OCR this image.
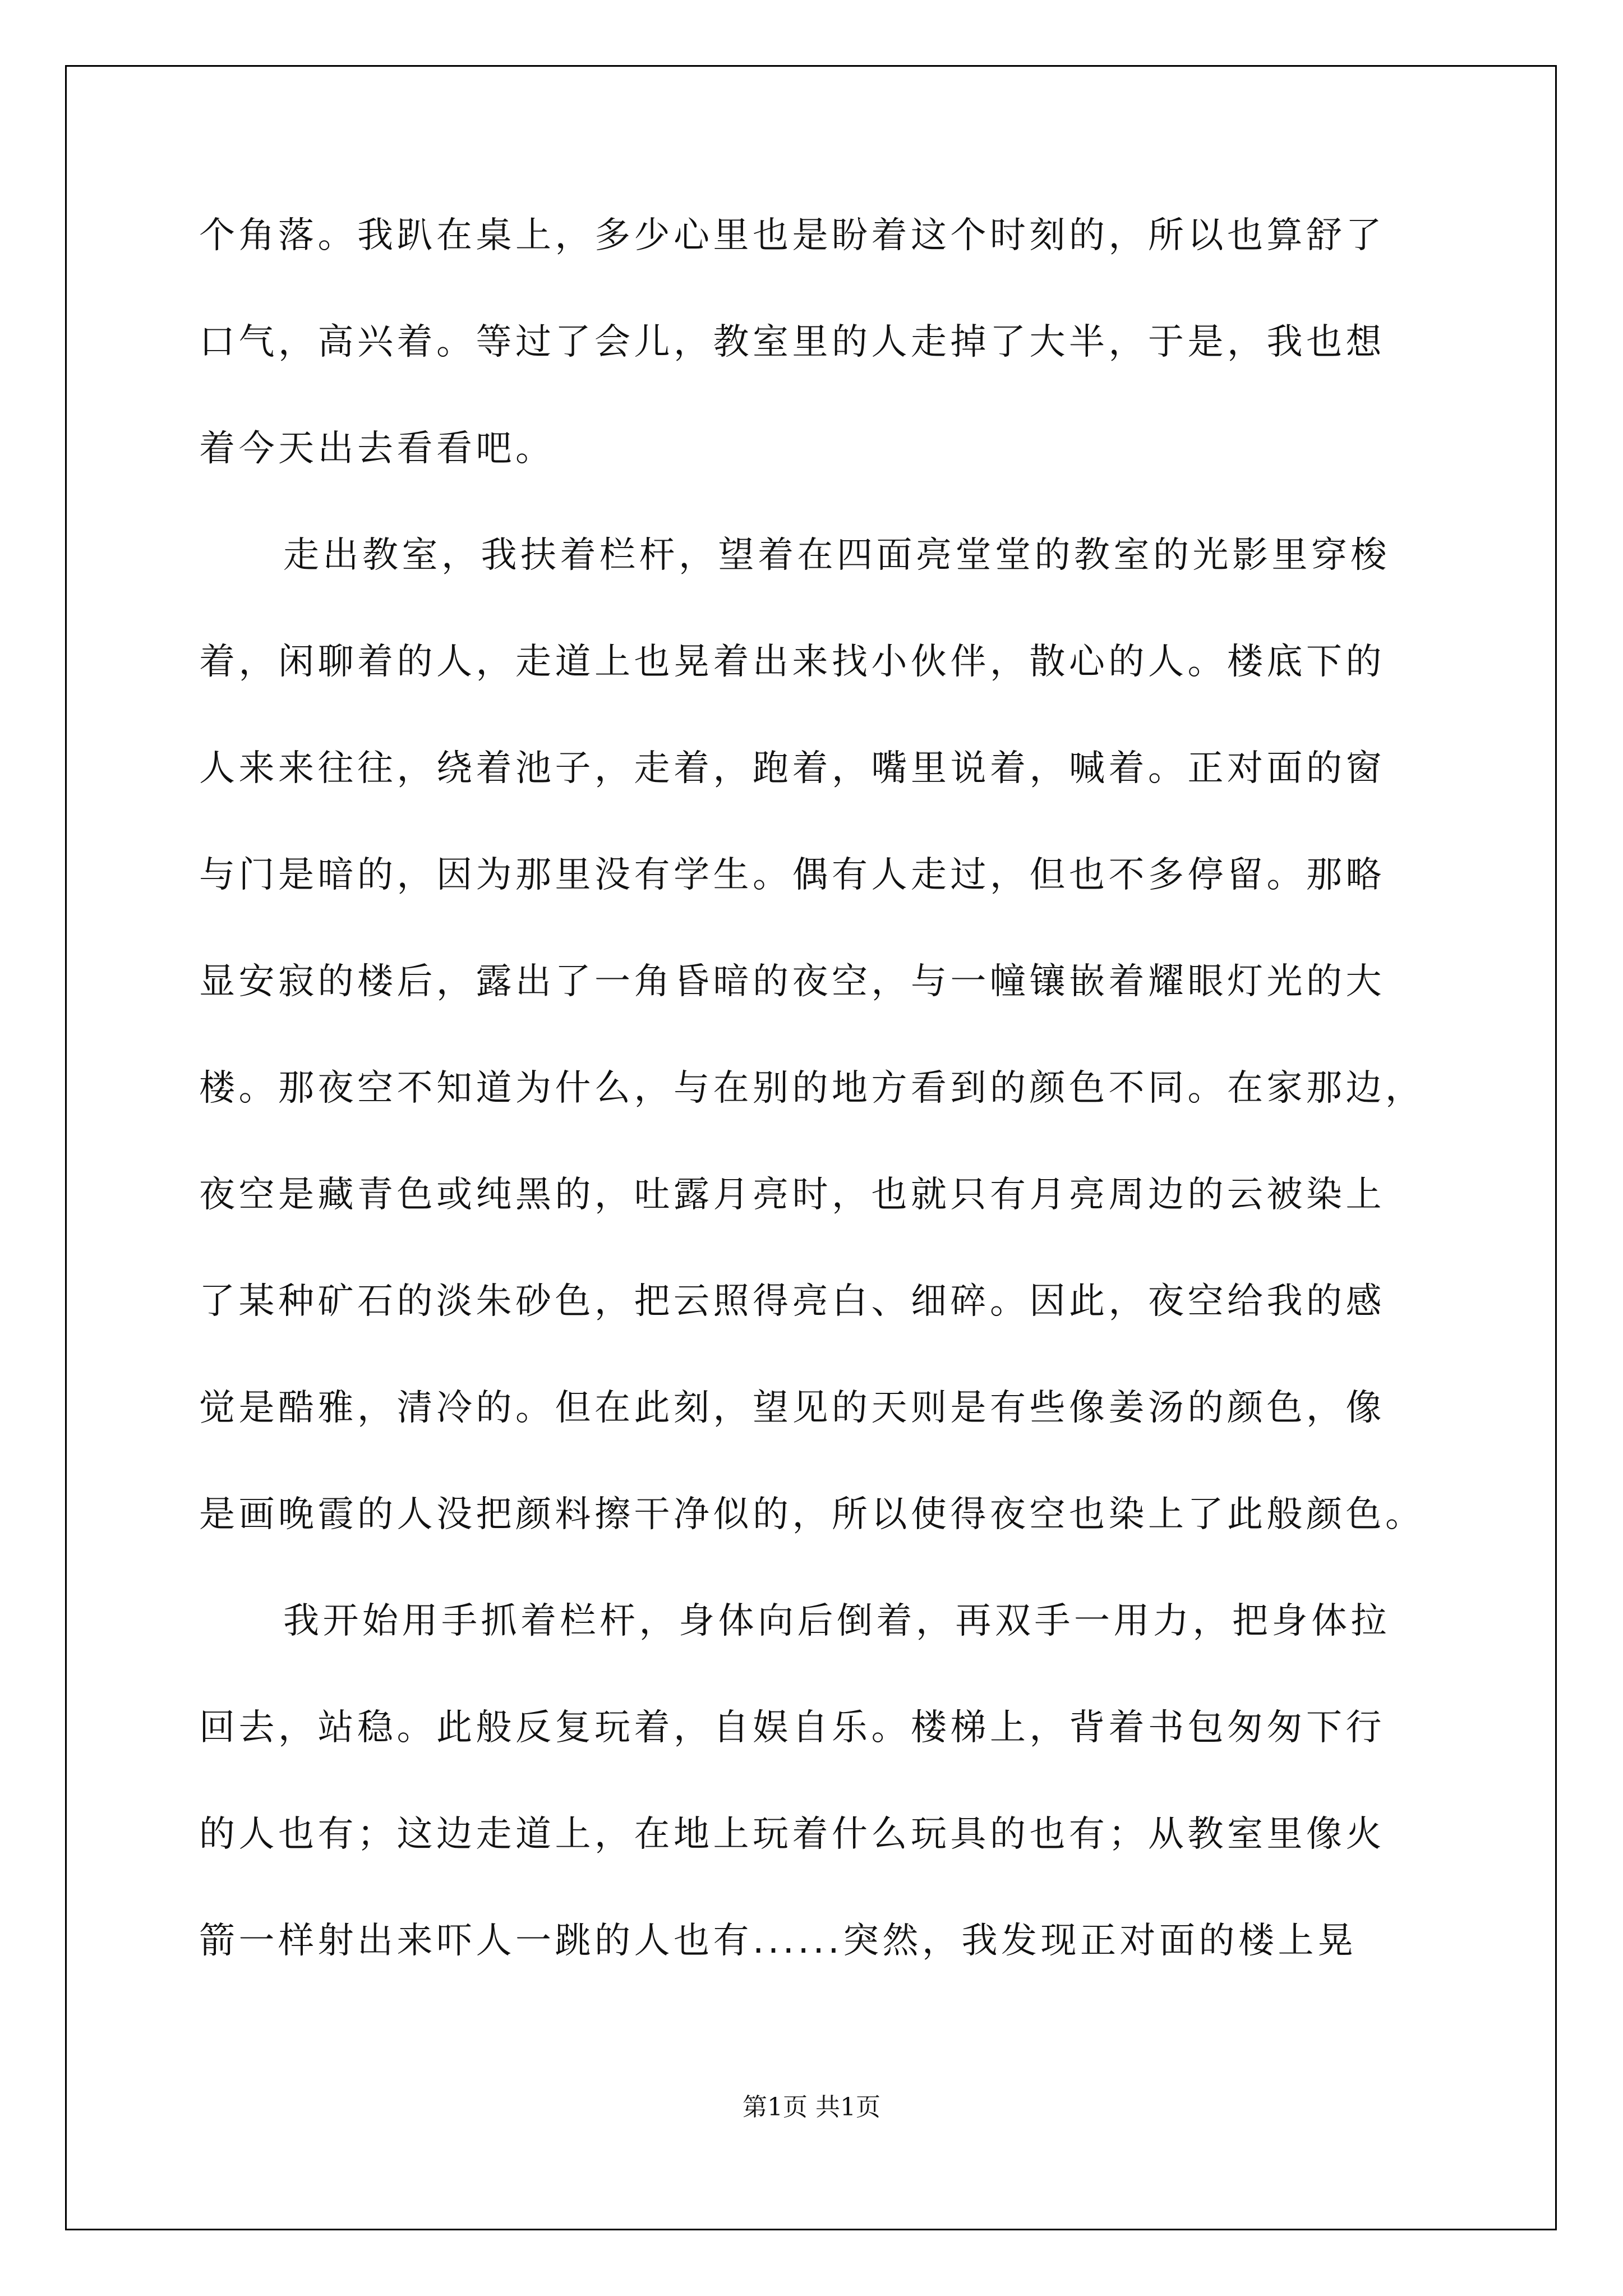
个角落。我趴在桌上，多少心里也是盼着这个时刻的，所以也算舒了
口气，高兴着。等过了会儿，教室里的人走掉了大半，于是，我也想
着今天出去看看吧。
走出教室，我扶着栏杆，望着在四面亮堂堂的教室的光影里穿梭
着，闲聊着的人，走道上也晃着出来找小伙伴，散心的人。楼底下的
人来来往往，绕着池子，走着，跑着，嘴里说着，喊着。正对面的窗
与门是暗的，因为那里没有学生。偶有人走过，但也不多停留。那略
显安寂的楼后，露出了一角昏暗的夜空，与一幢镶嵌着耀眼灯光的大
楼。那夜空不知道为什么，与在别的地方看到的颜色不同。在家那边，
夜空是藏青色或纯黑的，吐露月亮时，也就只有月亮周边的云被染上
了某种矿石的淡朱砂色，把云照得亮白、细碎。因此，夜空给我的感
觉是酷雅，清冷的。但在此刻，望见的天则是有些像姜汤的颜色，像
是画晚霞的人没把颜料擦干净似的，所以使得夜空也染上了此般颜色。
我开始用手抓着栏杆，身体向后倒着，再双手一用力，把身体拉
回去，站稳。此般反复玩着，自娱自乐。楼梯上，背着书包匆匆下行
的人也有；这边走道上，在地上玩着什么玩具的也有；从教室里像火
箭一样射出来吓人一跳的人也有......突然，我发现正对面的楼上晃
第1页 共1页
